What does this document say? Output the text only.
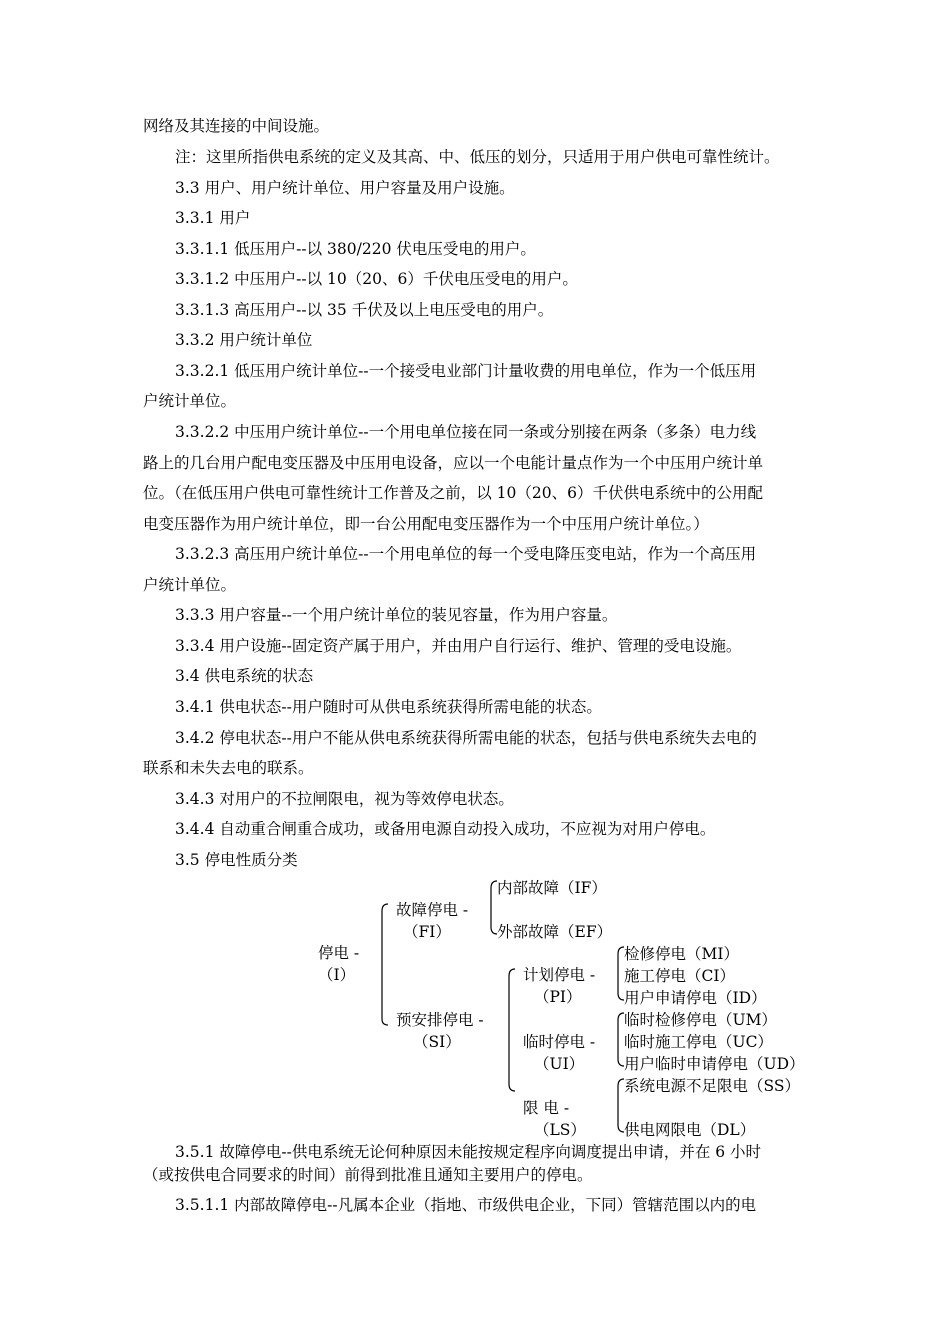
网络及其连接的中间设施。
注：这里所指供电系统的定义及其高、中、低压的划分，只适用于用户供电可靠性统计。
3.3 用户、用户统计单位、用户容量及用户设施。
3.3.1 用户
3.3.1.1 低压用户--以 380/220 伏电压受电的用户。
3.3.1.2 中压用户--以 10（20、6）千伏电压受电的用户。
3.3.1.3 高压用户--以 35 千伏及以上电压受电的用户。
3.3.2 用户统计单位
3.3.2.1 低压用户统计单位--一个接受电业部门计量收费的用电单位，作为一个低压用
户统计单位。
3.3.2.2 中压用户统计单位--一个用电单位接在同一条或分别接在两条（多条）电力线
路上的几台用户配电变压器及中压用电设备，应以一个电能计量点作为一个中压用户统计单
位。（在低压用户供电可靠性统计工作普及之前，以 10（20、6）千伏供电系统中的公用配
电变压器作为用户统计单位，即一台公用配电变压器作为一个中压用户统计单位。）
3.3.2.3 高压用户统计单位--一个用电单位的每一个受电降压变电站，作为一个高压用
户统计单位。
3.3.3 用户容量--一个用户统计单位的装见容量，作为用户容量。
3.3.4 用户设施--固定资产属于用户，并由用户自行运行、维护、管理的受电设施。
3.4 供电系统的状态
3.4.1 供电状态--用户随时可从供电系统获得所需电能的状态。
3.4.2 停电状态--用户不能从供电系统获得所需电能的状态，包括与供电系统失去电的
联系和未失去电的联系。
3.4.3 对用户的不拉闸限电，视为等效停电状态。
3.4.4 自动重合闸重合成功，或备用电源自动投入成功，不应视为对用户停电。
3.5 停电性质分类
停电 -
（I）
故障停电 -
（FI）
内部故障（IF）
外部故障（EF）
预安排停电 -
（SI）
计划停电 -
（PI）
临时停电 -
（UI）
限 电 -
（LS）
检修停电（MI）
施工停电（CI）
用户申请停电（ID）
临时检修停电（UM）
临时施工停电（UC）
用户临时申请停电（UD）
系统电源不足限电（SS）
供电网限电（DL）
3.5.1 故障停电--供电系统无论何种原因未能按规定程序向调度提出申请，并在 6 小时
（或按供电合同要求的时间）前得到批准且通知主要用户的停电。
3.5.1.1 内部故障停电--凡属本企业（指地、市级供电企业，下同）管辖范围以内的电
